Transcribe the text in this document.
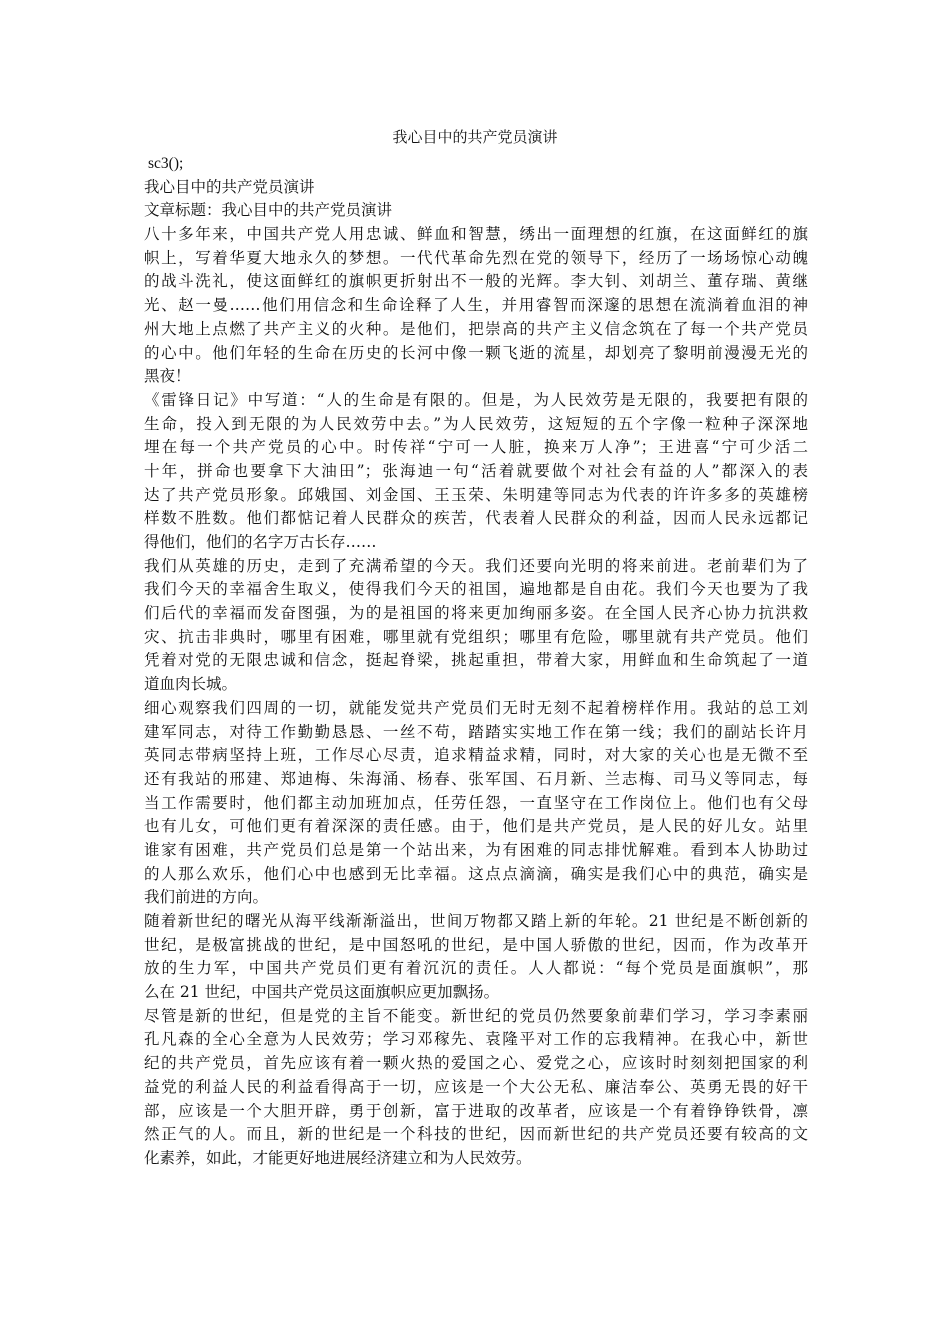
我心目中的共产党员演讲
sc3();
我心目中的共产党员演讲
文章标题：我心目中的共产党员演讲
八十多年来，中国共产党人用忠诚、鲜血和智慧，绣出一面理想的红旗，在这面鲜红的旗
帜上，写着华夏大地永久的梦想。一代代革命先烈在党的领导下，经历了一场场惊心动魄
的战斗洗礼，使这面鲜红的旗帜更折射出不一般的光辉。李大钊、刘胡兰、董存瑞、黄继
光、赵一曼……他们用信念和生命诠释了人生，并用睿智而深邃的思想在流淌着血泪的神
州大地上点燃了共产主义的火种。是他们，把崇高的共产主义信念筑在了每一个共产党员
的心中。他们年轻的生命在历史的长河中像一颗飞逝的流星，却划亮了黎明前漫漫无光的
黑夜！
《雷锋日记》中写道：“人的生命是有限的。但是，为人民效劳是无限的，我要把有限的
生命，投入到无限的为人民效劳中去。”为人民效劳，这短短的五个字像一粒种子深深地
埋在每一个共产党员的心中。时传祥“宁可一人脏，换来万人净”；王进喜“宁可少活二
十年，拼命也要拿下大油田”；张海迪一句“活着就要做个对社会有益的人”都深入的表
达了共产党员形象。邱娥国、刘金国、王玉荣、朱明建等同志为代表的许许多多的英雄榜
样数不胜数。他们都惦记着人民群众的疾苦，代表着人民群众的利益，因而人民永远都记
得他们，他们的名字万古长存……
我们从英雄的历史，走到了充满希望的今天。我们还要向光明的将来前进。老前辈们为了
我们今天的幸福舍生取义，使得我们今天的祖国，遍地都是自由花。我们今天也要为了我
们后代的幸福而发奋图强，为的是祖国的将来更加绚丽多姿。在全国人民齐心协力抗洪救
灾、抗击非典时，哪里有困难，哪里就有党组织；哪里有危险，哪里就有共产党员。他们
凭着对党的无限忠诚和信念，挺起脊梁，挑起重担，带着大家，用鲜血和生命筑起了一道
道血肉长城。
细心观察我们四周的一切，就能发觉共产党员们无时无刻不起着榜样作用。我站的总工刘
建军同志，对待工作勤勤恳恳、一丝不苟，踏踏实实地工作在第一线；我们的副站长许月
英同志带病坚持上班，工作尽心尽责，追求精益求精，同时，对大家的关心也是无微不至
还有我站的邢建、郑迪梅、朱海涌、杨春、张军国、石月新、兰志梅、司马义等同志，每
当工作需要时，他们都主动加班加点，任劳任怨，一直坚守在工作岗位上。他们也有父母
也有儿女，可他们更有着深深的责任感。由于，他们是共产党员，是人民的好儿女。站里
谁家有困难，共产党员们总是第一个站出来，为有困难的同志排忧解难。看到本人协助过
的人那么欢乐，他们心中也感到无比幸福。这点点滴滴，确实是我们心中的典范，确实是
我们前进的方向。
随着新世纪的曙光从海平线渐渐溢出，世间万物都又踏上新的年轮。21 世纪是不断创新的
世纪，是极富挑战的世纪，是中国怒吼的世纪，是中国人骄傲的世纪，因而，作为改革开
放的生力军，中国共产党员们更有着沉沉的责任。人人都说：“每个党员是面旗帜”，那
么在 21 世纪，中国共产党员这面旗帜应更加飘扬。
尽管是新的世纪，但是党的主旨不能变。新世纪的党员仍然要象前辈们学习，学习李素丽
孔凡森的全心全意为人民效劳；学习邓稼先、袁隆平对工作的忘我精神。在我心中，新世
纪的共产党员，首先应该有着一颗火热的爱国之心、爱党之心，应该时时刻刻把国家的利
益党的利益人民的利益看得高于一切，应该是一个大公无私、廉洁奉公、英勇无畏的好干
部，应该是一个大胆开辟，勇于创新，富于进取的改革者，应该是一个有着铮铮铁骨，凛
然正气的人。而且，新的世纪是一个科技的世纪，因而新世纪的共产党员还要有较高的文
化素养，如此，才能更好地进展经济建立和为人民效劳。
